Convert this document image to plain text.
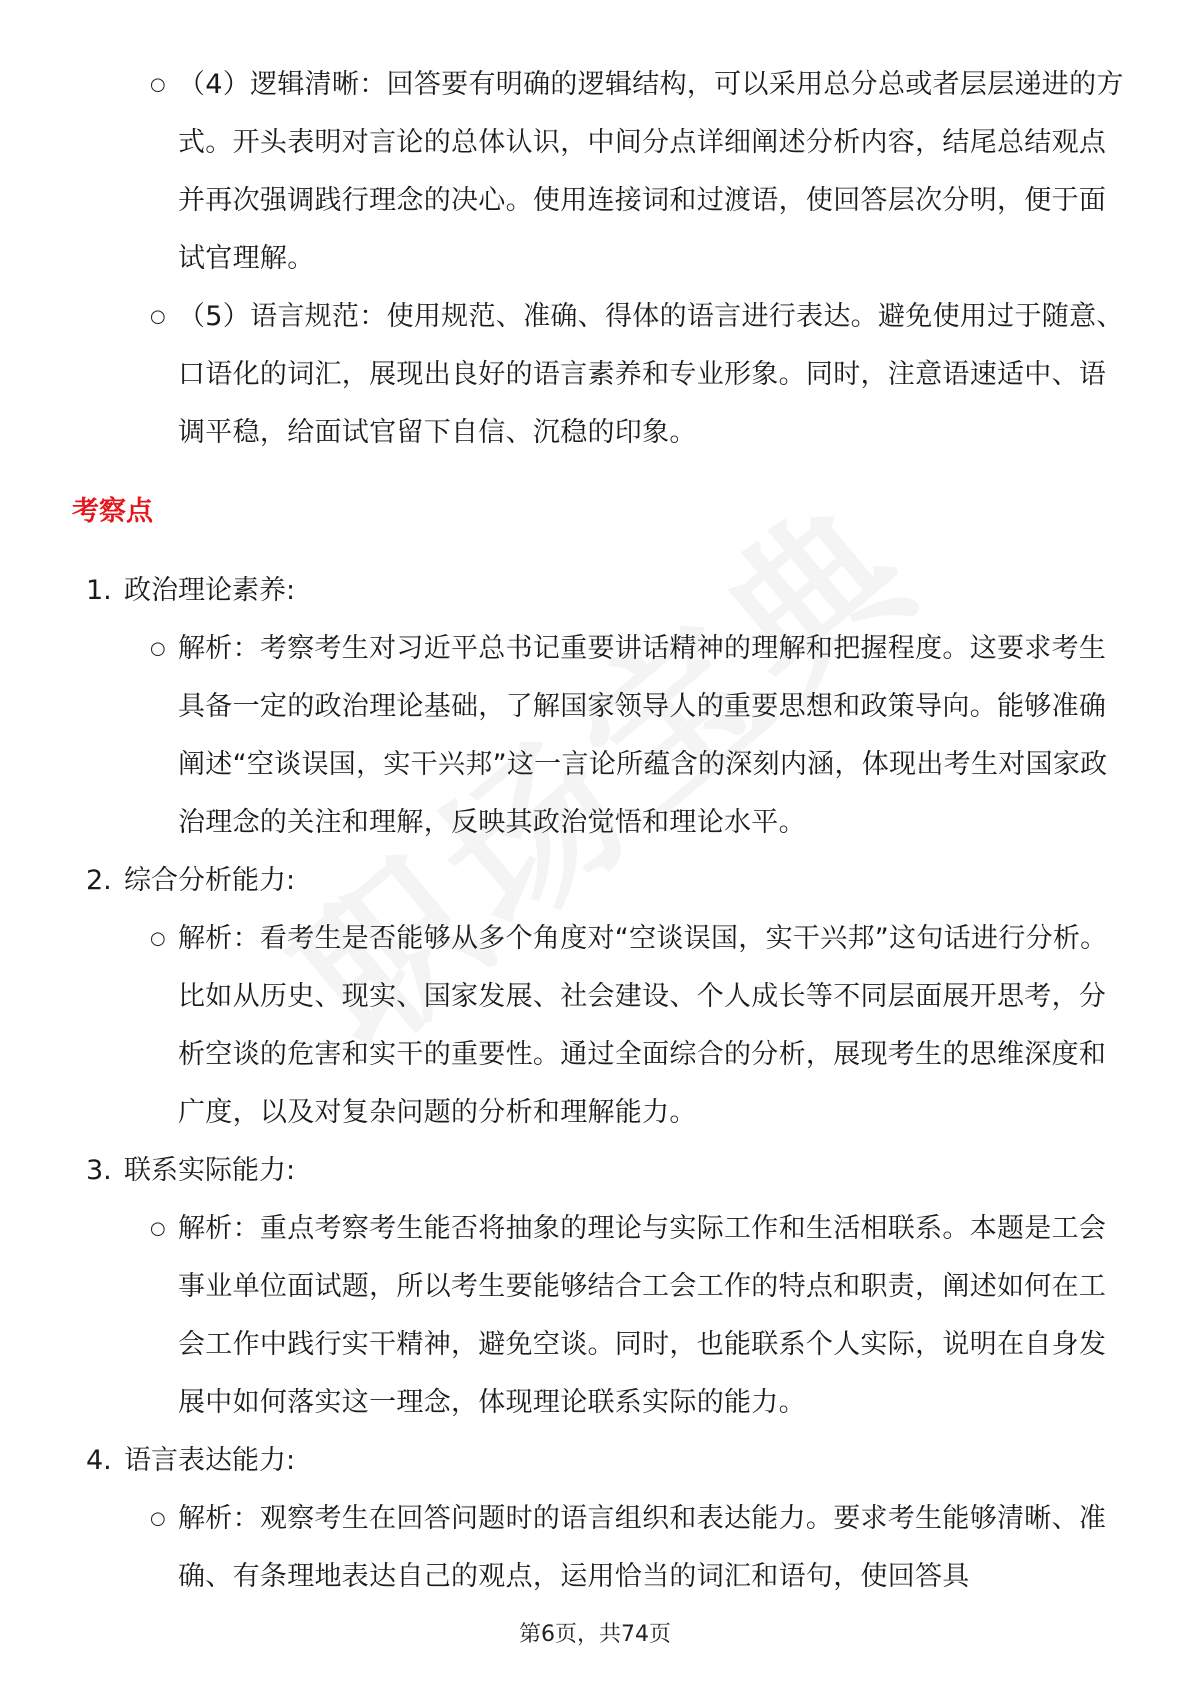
○ （4）逻辑清晰：回答要有明确的逻辑结构，可以采用总分总或者层层递进的方式。开头表明对言论的总体认识，中间分点详细阐述分析内容，结尾总结观点并再次强调践行理念的决心。使用连接词和过渡语，使回答层次分明，便于面试官理解。
○ （5）语言规范：使用规范、准确、得体的语言进行表达。避免使用过于随意、口语化的词汇，展现出良好的语言素养和专业形象。同时，注意语速适中、语调平稳，给面试官留下自信、沉稳的印象。
考察点
1. 政治理论素养:
○ 解析：考察考生对习近平总书记重要讲话精神的理解和把握程度。这要求考生具备一定的政治理论基础，了解国家领导人的重要思想和政策导向。能够准确阐述“空谈误国，实干兴邦”这一言论所蕴含的深刻内涵，体现出考生对国家政治理念的关注和理解，反映其政治觉悟和理论水平。
2. 综合分析能力:
○ 解析：看考生是否能够从多个角度对“空谈误国，实干兴邦”这句话进行分析。比如从历史、现实、国家发展、社会建设、个人成长等不同层面展开思考，分析空谈的危害和实干的重要性。通过全面综合的分析，展现考生的思维深度和广度，以及对复杂问题的分析和理解能力。
3. 联系实际能力:
○ 解析：重点考察考生能否将抽象的理论与实际工作和生活相联系。本题是工会事业单位面试题，所以考生要能够结合工会工作的特点和职责，阐述如何在工会工作中践行实干精神，避免空谈。同时，也能联系个人实际，说明在自身发展中如何落实这一理念，体现理论联系实际的能力。
4. 语言表达能力:
○ 解析：观察考生在回答问题时的语言组织和表达能力。要求考生能够清晰、准确、有条理地表达自己的观点，运用恰当的词汇和语句，使回答具
第6页，共74页
